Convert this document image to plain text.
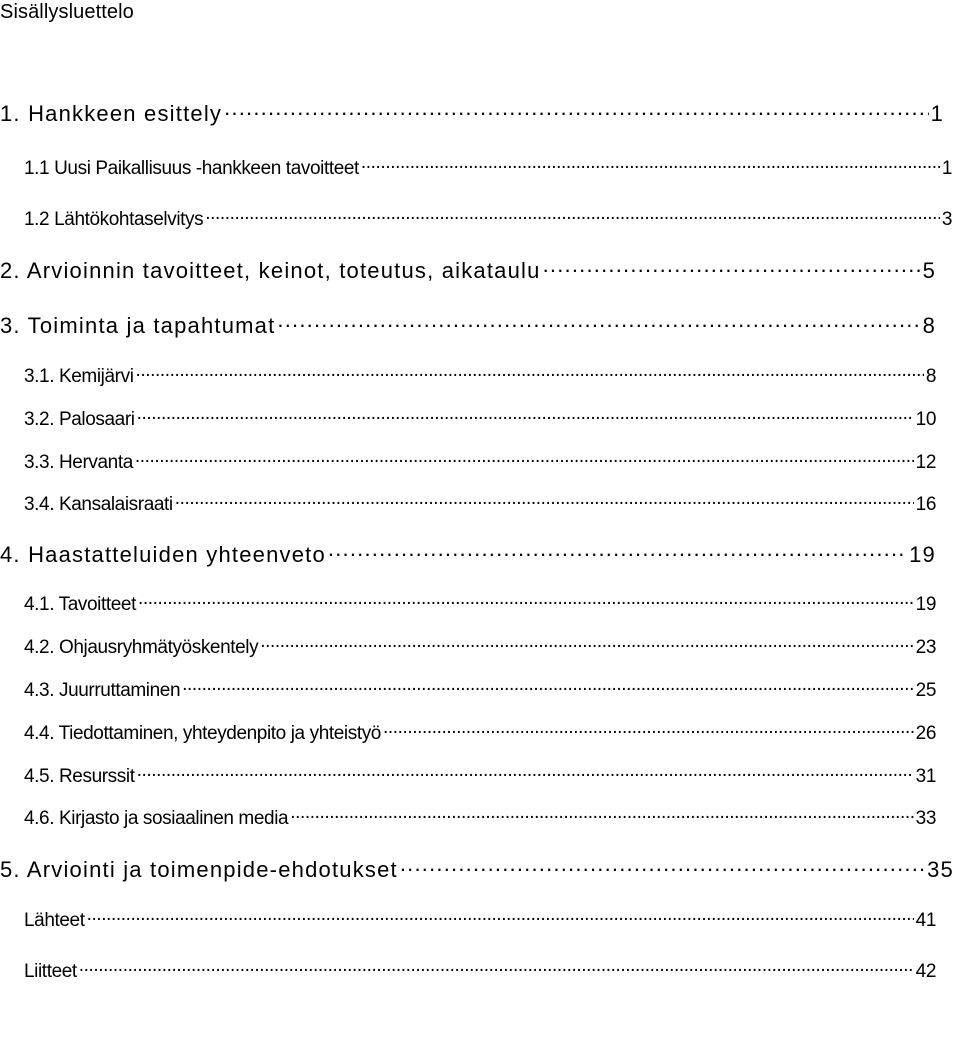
Sisällysluettelo
1. Hankkeen esittely .....	1
1.1 Uusi Paikallisuus -hankkeen tavoitteet .....	1
1.2 Lähtökohtaselvitys .....	3
2. Arvioinnin tavoitteet, keinot, toteutus, aikataulu .....	5
3. Toiminta ja tapahtumat .....	8
3.1. Kemijärvi .....	8
3.2. Palosaari .....	10
3.3. Hervanta .....	12
3.4. Kansalaisraati .....	16
4. Haastatteluiden yhteenveto .....	19
4.1. Tavoitteet .....	19
4.2. Ohjausryhmätyöskentely .....	23
4.3. Juurruttaminen .....	25
4.4. Tiedottaminen, yhteydenpito ja yhteistyö .....	26
4.5. Resurssit .....	31
4.6. Kirjasto ja sosiaalinen media .....	33
5. Arviointi ja toimenpide-ehdotukset .....	35
Lähteet .....	41
Liitteet .....	42
